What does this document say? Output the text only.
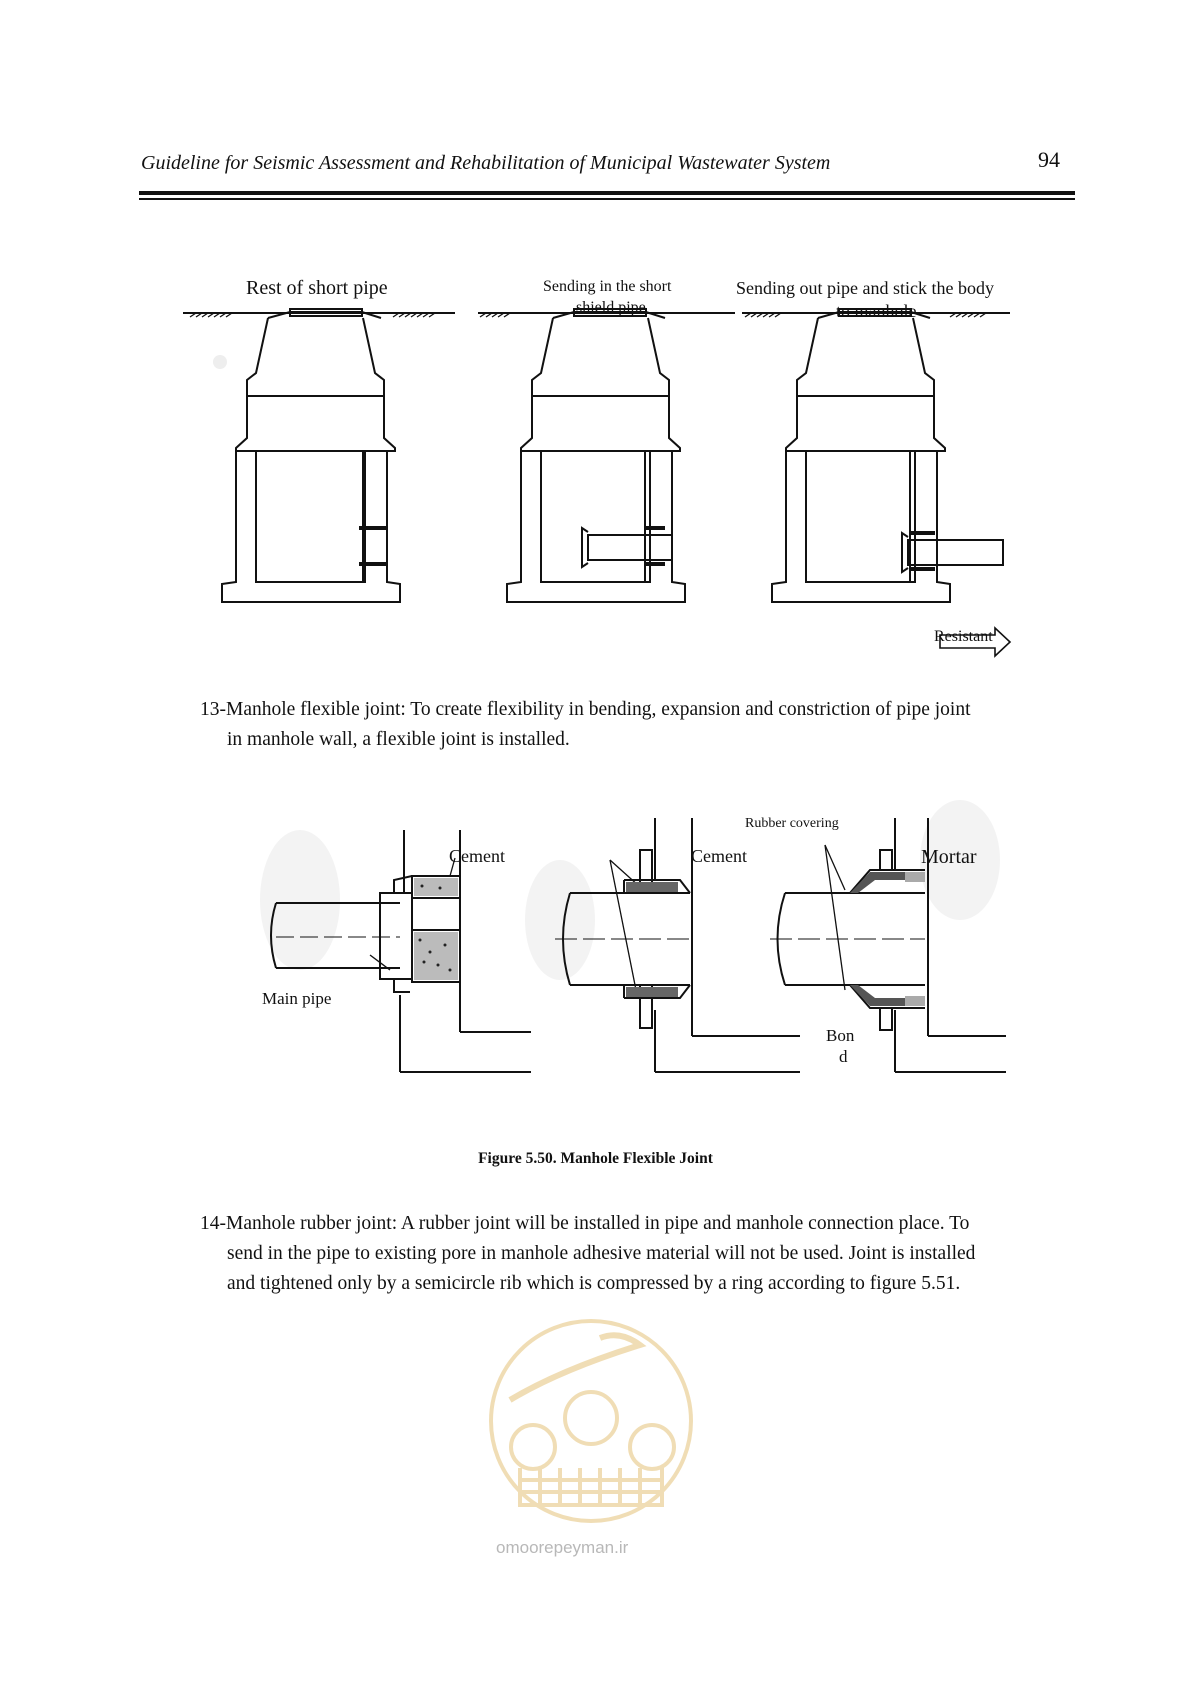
Guideline for Seismic Assessment and Rehabilitation of Municipal Wastewater System	94
Rest of short pipe	Sending in the short
shield pipe
Sending out pipe and stick the body
to manhole
Resistant
13-Manhole flexible joint: To create flexibility in bending, expansion and constriction of pipe joint
in manhole wall, a flexible joint is installed.
Cement	Cement
Rubber covering
Mortar
Main pipe
Bon
d
Figure 5.50. Manhole Flexible Joint
14-Manhole rubber joint: A rubber joint will be installed in pipe and manhole connection place. To
send in the pipe to existing pore in manhole adhesive material will not be used. Joint is installed
and tightened only by a semicircle rib which is compressed by a ring according to figure 5.51.
omoorepeyman.ir
